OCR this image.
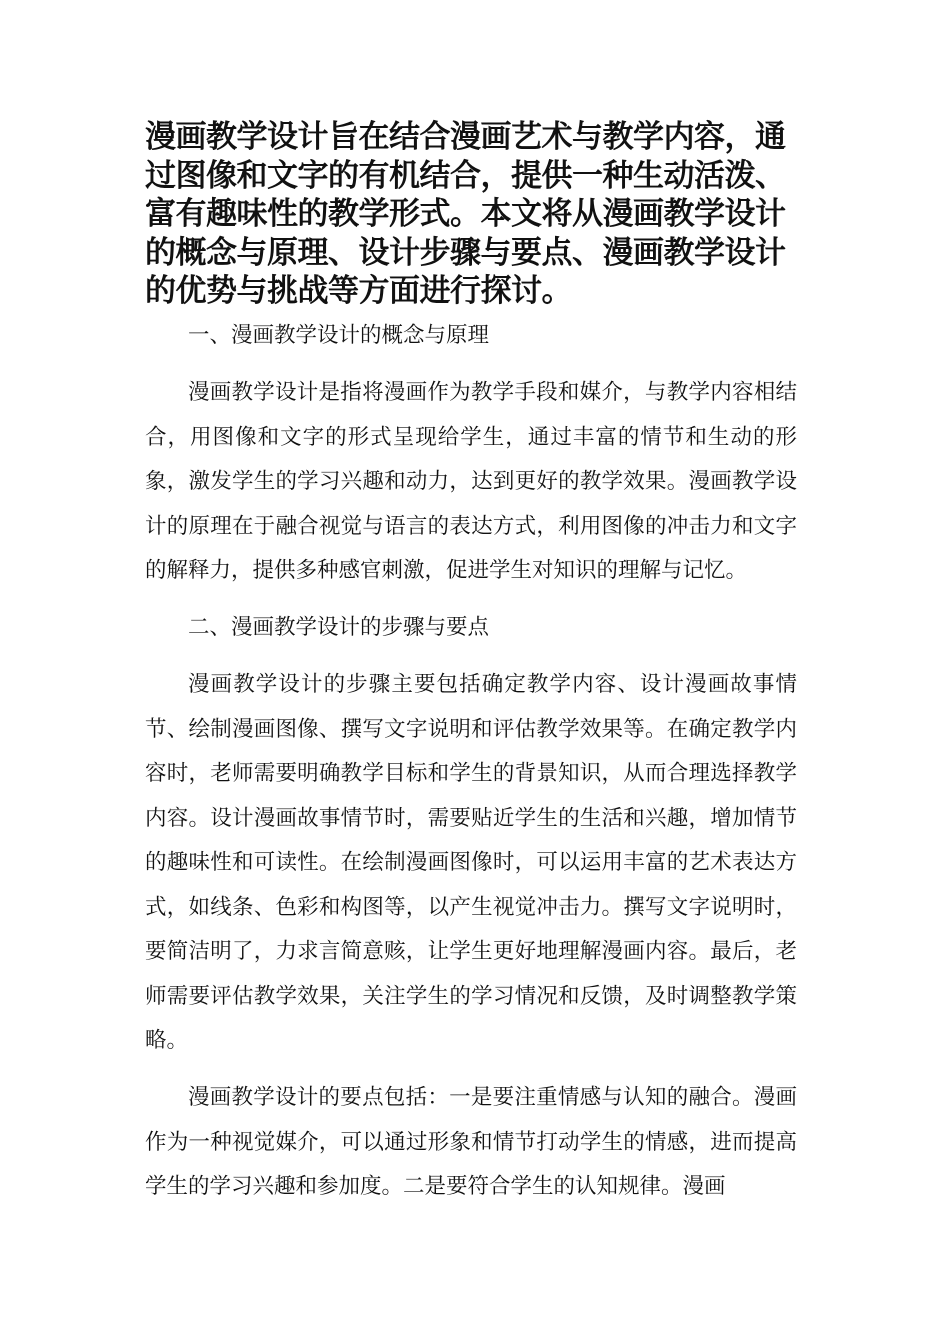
漫画教学设计旨在结合漫画艺术与教学内容，通过图像和文字的有机结合，提供一种生动活泼、富有趣味性的教学形式。本文将从漫画教学设计的概念与原理、设计步骤与要点、漫画教学设计的优势与挑战等方面进行探讨。

一、漫画教学设计的概念与原理

漫画教学设计是指将漫画作为教学手段和媒介，与教学内容相结合，用图像和文字的形式呈现给学生，通过丰富的情节和生动的形象，激发学生的学习兴趣和动力，达到更好的教学效果。漫画教学设计的原理在于融合视觉与语言的表达方式，利用图像的冲击力和文字的解释力，提供多种感官刺激，促进学生对知识的理解与记忆。

二、漫画教学设计的步骤与要点

漫画教学设计的步骤主要包括确定教学内容、设计漫画故事情节、绘制漫画图像、撰写文字说明和评估教学效果等。在确定教学内容时，老师需要明确教学目标和学生的背景知识，从而合理选择教学内容。设计漫画故事情节时，需要贴近学生的生活和兴趣，增加情节的趣味性和可读性。在绘制漫画图像时，可以运用丰富的艺术表达方式，如线条、色彩和构图等，以产生视觉冲击力。撰写文字说明时，要简洁明了，力求言简意赅，让学生更好地理解漫画内容。最后，老师需要评估教学效果，关注学生的学习情况和反馈，及时调整教学策略。

漫画教学设计的要点包括：一是要注重情感与认知的融合。漫画作为一种视觉媒介，可以通过形象和情节打动学生的情感，进而提高学生的学习兴趣和参加度。二是要符合学生的认知规律。漫画
